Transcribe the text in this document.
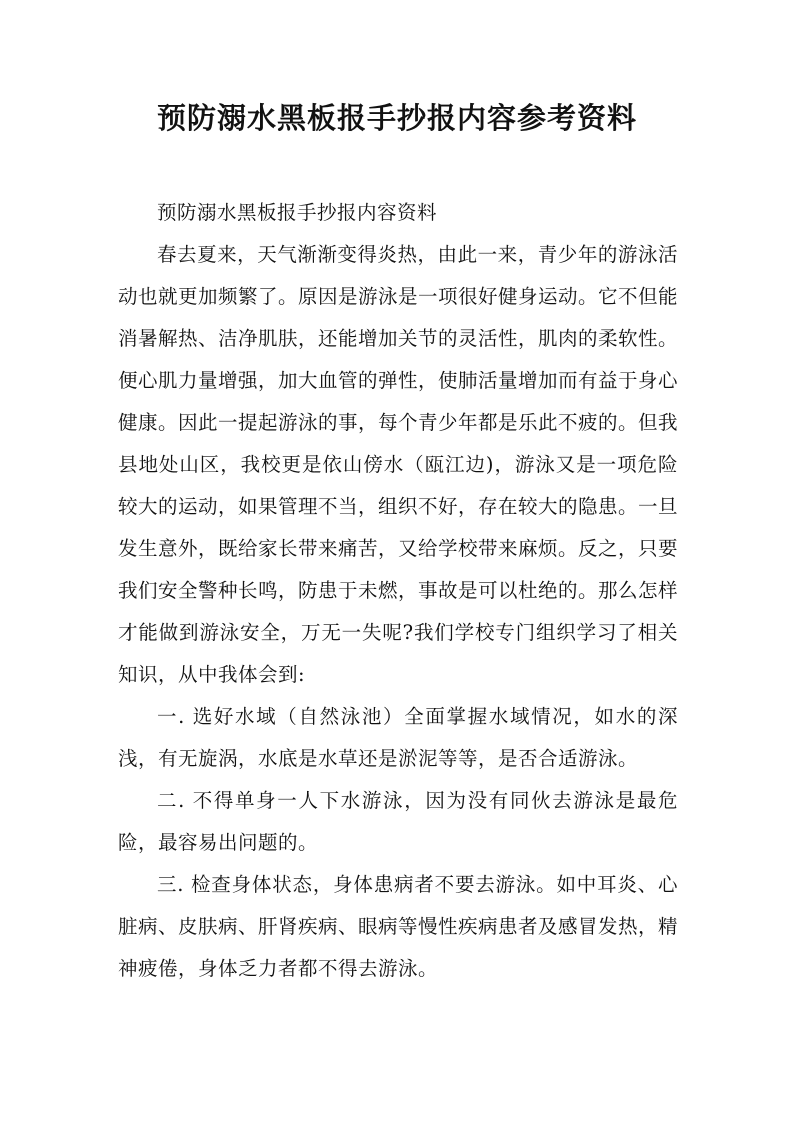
预防溺水黑板报手抄报内容参考资料

预防溺水黑板报手抄报内容资料

春去夏来，天气渐渐变得炎热，由此一来，青少年的游泳活动也就更加频繁了。原因是游泳是一项很好健身运动。它不但能消暑解热、洁净肌肤，还能增加关节的灵活性，肌肉的柔软性。便心肌力量增强，加大血管的弹性，使肺活量增加而有益于身心健康。因此一提起游泳的事，每个青少年都是乐此不疲的。但我县地处山区，我校更是依山傍水（瓯江边)，游泳又是一项危险较大的运动，如果管理不当，组织不好，存在较大的隐患。一旦发生意外，既给家长带来痛苦，又给学校带来麻烦。反之，只要我们安全警种长鸣，防患于未燃，事故是可以杜绝的。那么怎样才能做到游泳安全，万无一失呢?我们学校专门组织学习了相关知识，从中我体会到:

一. 选好水域（自然泳池）全面掌握水域情况，如水的深浅，有无旋涡，水底是水草还是淤泥等等，是否合适游泳。

二. 不得单身一人下水游泳，因为没有同伙去游泳是最危险，最容易出问题的。

三. 检查身体状态，身体患病者不要去游泳。如中耳炎、心脏病、皮肤病、肝肾疾病、眼病等慢性疾病患者及感冒发热，精神疲倦，身体乏力者都不得去游泳。
